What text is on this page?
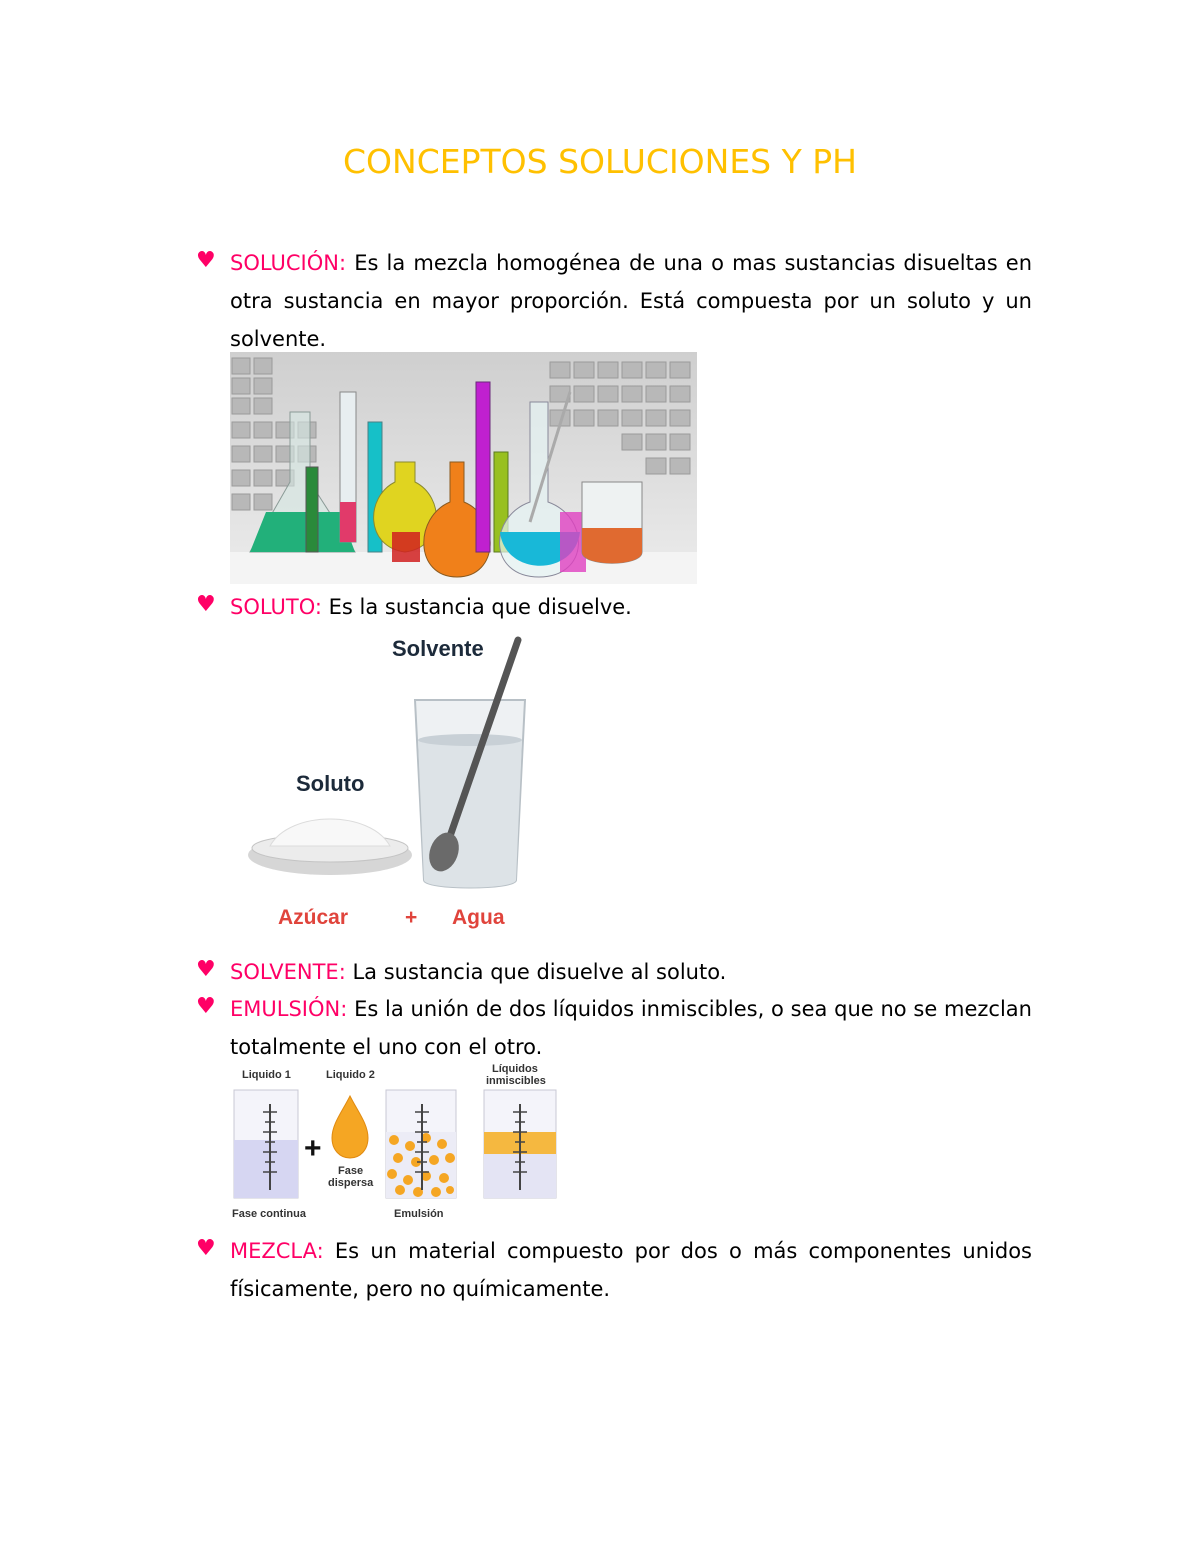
CONCEPTOS SOLUCIONES Y PH
♥ SOLUCIÓN: Es la mezcla homogénea de una o mas sustancias disueltas en otra sustancia en mayor proporción. Está compuesta por un soluto y un solvente.
♥ SOLUTO: Es la sustancia que disuelve.
Solvente
Soluto
Azúcar	+ Agua
♥ SOLVENTE: La sustancia que disuelve al soluto.
♥ EMULSIÓN: Es la unión de dos líquidos inmiscibles, o sea que no se mezclan totalmente el uno con el otro.
Liquido 1	Liquido 2	Líquidos
inmiscibles
Fase
dispersa
Fase continua	Emulsión
+
♥ MEZCLA: Es un material compuesto por dos o más componentes unidos físicamente, pero no químicamente.
